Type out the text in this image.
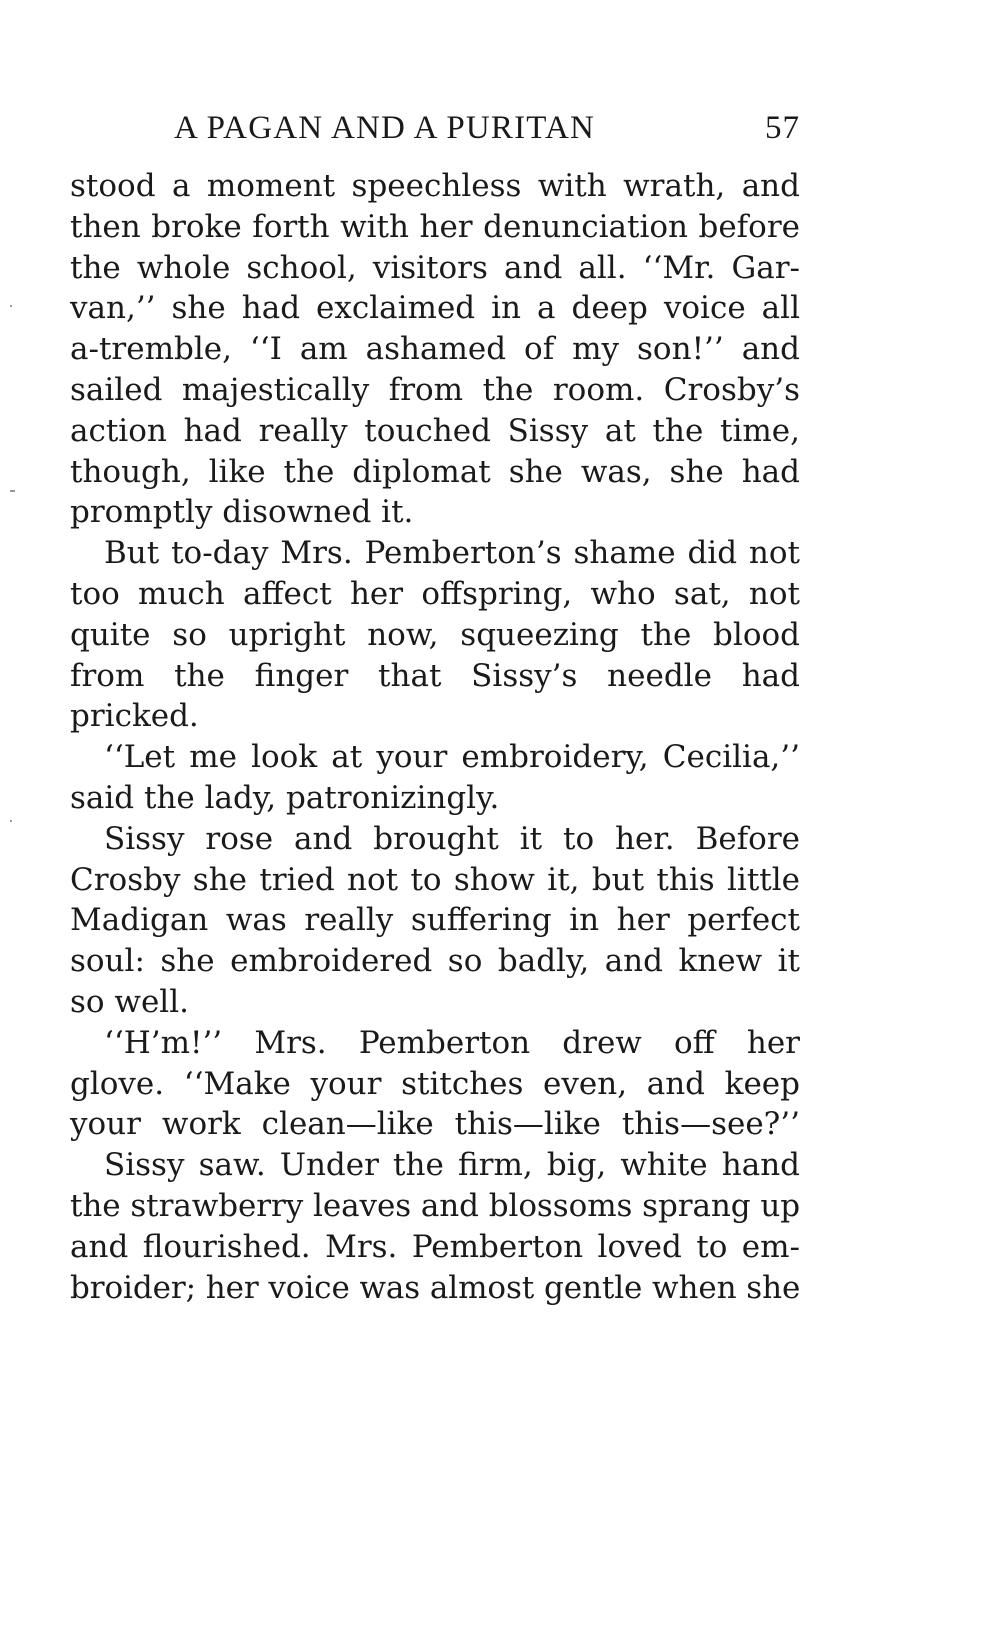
A PAGAN AND A PURITAN	57
stood a moment speechless with wrath, and
then broke forth with her denunciation before
the whole school, visitors and all. ‘‘Mr. Gar-
van,’’ she had exclaimed in a deep voice all
a-tremble, ‘‘I am ashamed of my son!’’ and
sailed majestically from the room. Crosby’s
action had really touched Sissy at the time,
though, like the diplomat she was, she had
promptly disowned it.
But to-day Mrs. Pemberton’s shame did not
too much affect her offspring, who sat, not
quite so upright now, squeezing the blood
from the finger that Sissy’s needle had
pricked.
‘‘Let me look at your embroidery, Cecilia,’’
said the lady, patronizingly.
Sissy rose and brought it to her. Before
Crosby she tried not to show it, but this little
Madigan was really suffering in her perfect
soul: she embroidered so badly, and knew it
so well.
‘‘H’m!’’ Mrs. Pemberton drew off her
glove. ‘‘Make your stitches even, and keep
your work clean—like this—like this—see?’’
Sissy saw. Under the firm, big, white hand
the strawberry leaves and blossoms sprang up
and flourished. Mrs. Pemberton loved to em-
broider; her voice was almost gentle when she
